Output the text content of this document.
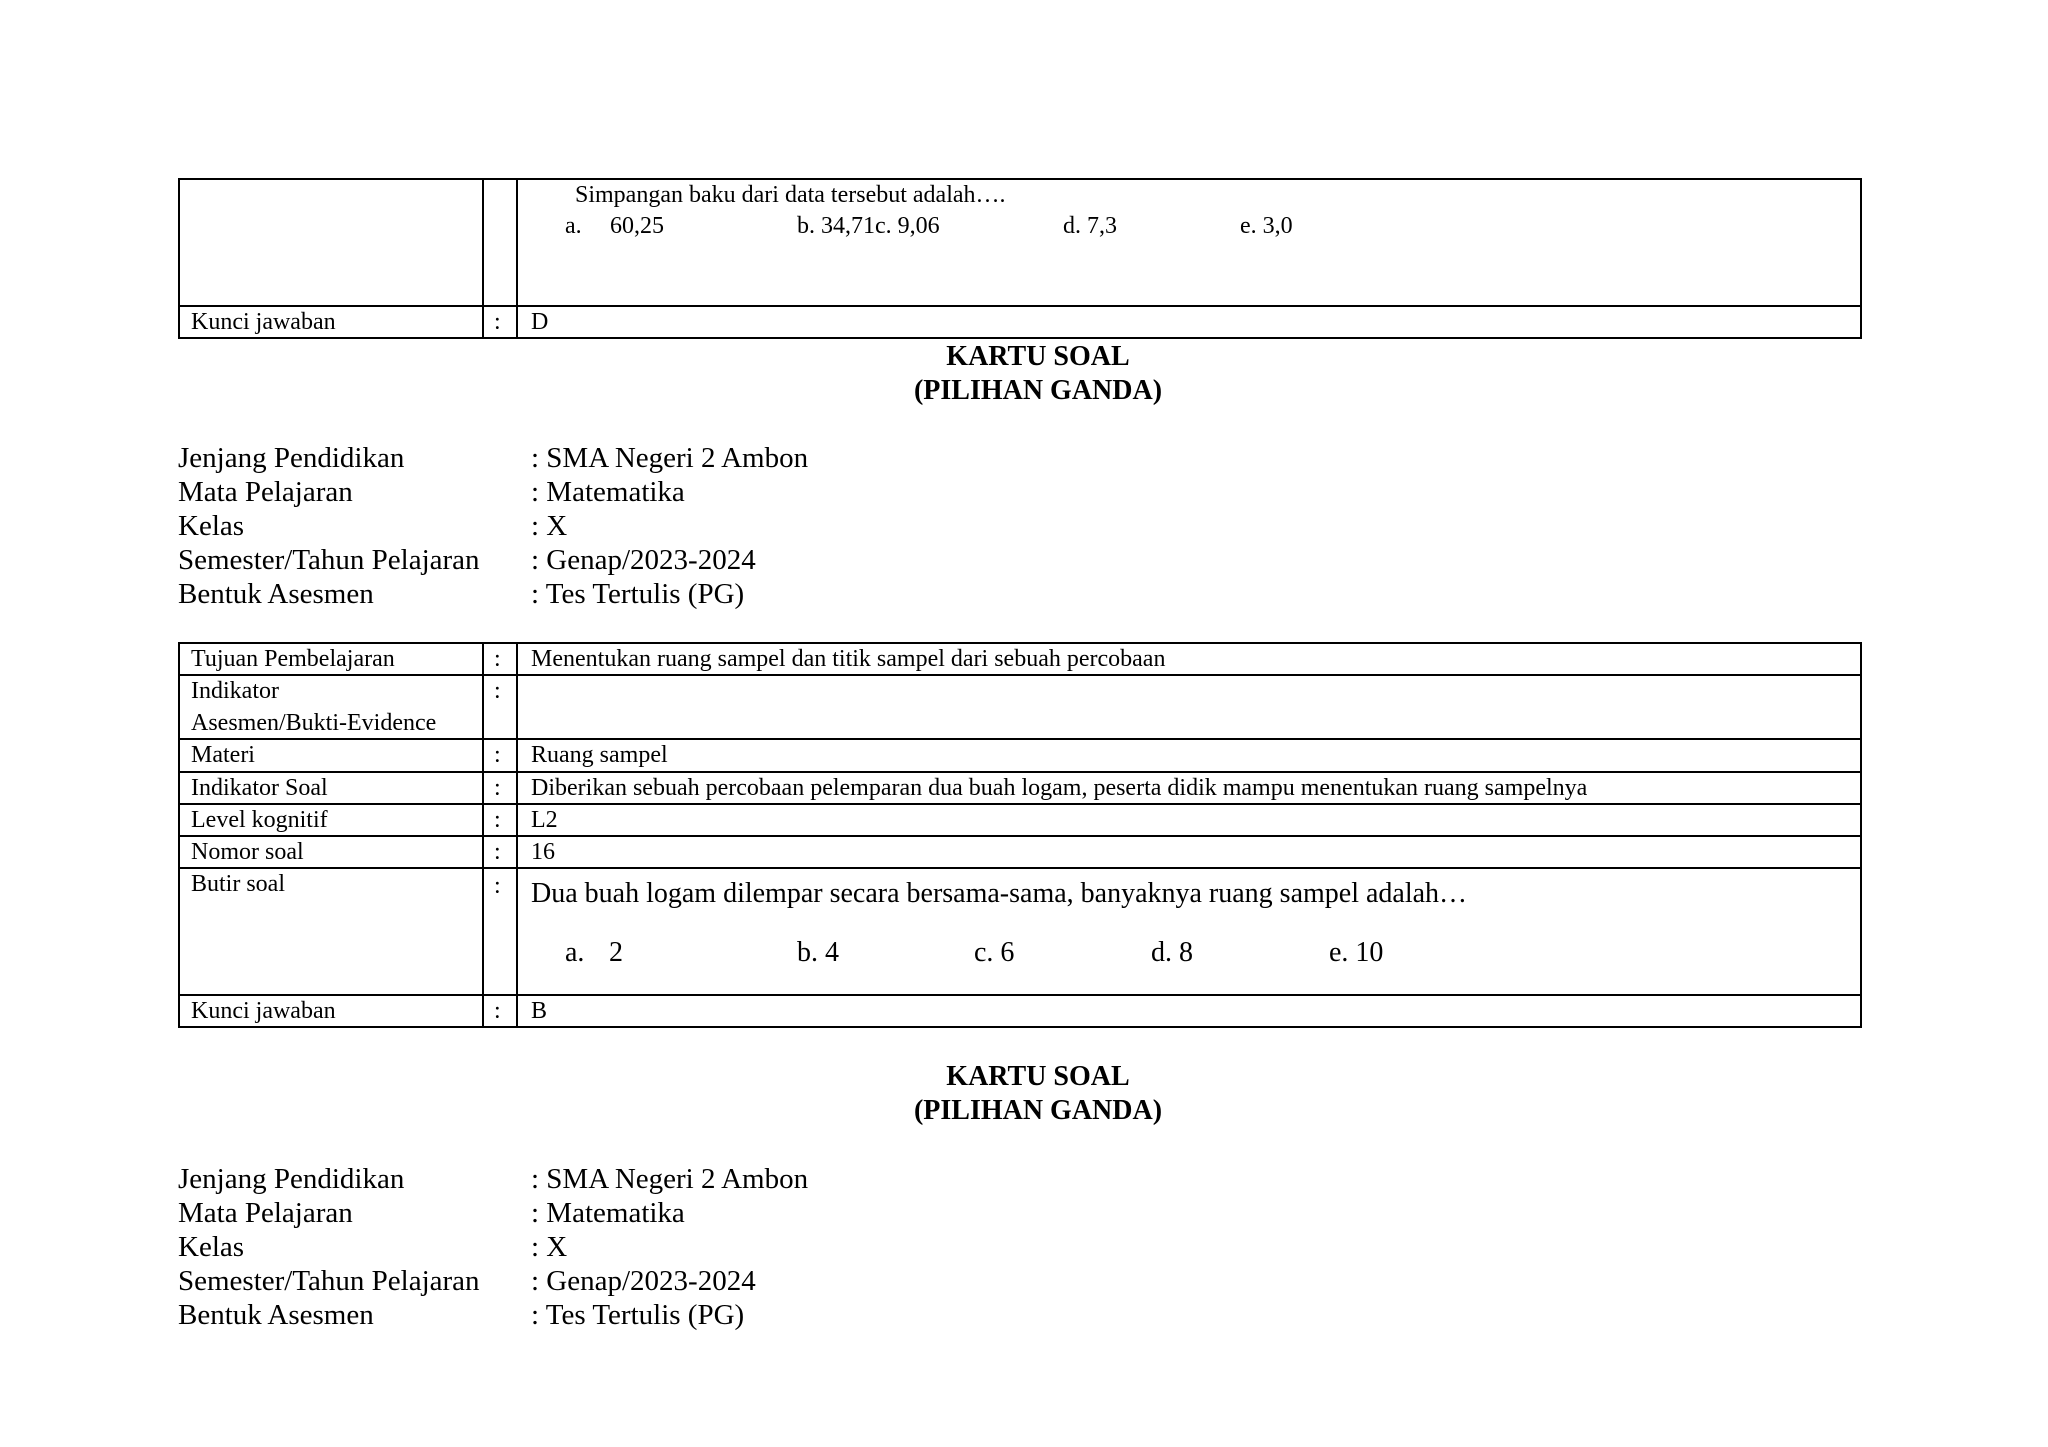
Simpangan baku dari data tersebut adalah….
a. 60,25	b. 34,71c. 9,06	d. 7,3	e. 3,0
Kunci jawaban	: D
KARTU SOAL
(PILIHAN GANDA)
Jenjang Pendidikan	: SMA Negeri 2 Ambon
Mata Pelajaran	: Matematika
Kelas	: X
Semester/Tahun Pelajaran : Genap/2023-2024
Bentuk Asesmen	: Tes Tertulis (PG)
Tujuan Pembelajaran	: Menentukan ruang sampel dan titik sampel dari sebuah percobaan
Indikator
Asesmen/Bukti-Evidence
:
Materi	: Ruang sampel
Indikator Soal	: Diberikan sebuah percobaan pelemparan dua buah logam, peserta didik mampu menentukan ruang sampelnya
Level kognitif	: L2
Nomor soal	: 16
Butir soal	: Dua buah logam dilempar secara bersama-sama, banyaknya ruang sampel adalah…
a. 2	b. 4	c. 6	d. 8	e. 10
Kunci jawaban	: B
KARTU SOAL
(PILIHAN GANDA)
Jenjang Pendidikan	: SMA Negeri 2 Ambon
Mata Pelajaran	: Matematika
Kelas	: X
Semester/Tahun Pelajaran : Genap/2023-2024
Bentuk Asesmen	: Tes Tertulis (PG)
